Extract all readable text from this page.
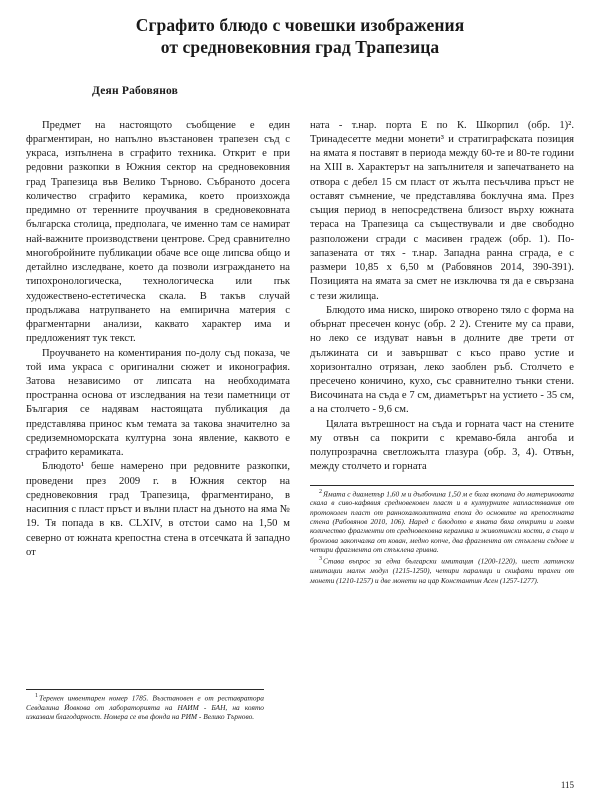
Сграфито блюдо с човешки изображения
от средновековния град Трапезица
Деян Рабовянов

Предмет на настоящото съобщение е един фрагментиран, но напълно възстановен трапезен съд с украса, изпълнена в сграфито техника. Открит е при редовни разкопки в Южния сектор на средновековния град Трапезица във Велико Търново. Събраното досега количество сграфито керамика, което произхожда предимно от теренните проучвания в средновековната българска столица, предполага, че именно там се намират най-важните производствени центрове. Сред сравнително многобройните публикации обаче все още липсва общо и детайлно изследване, което да позволи изграждането на типохронологическа, технологическа или пък художествено-естетическа скала. В такъв случай продължава натрупването на емпирична материя с фрагментарни анализи, каквато характер има и предложеният тук текст.

Проучването на коментирания по-долу съд показа, че той има украса с оригинални сюжет и иконография. Затова независимо от липсата на необходимата пространна основа от изследвания на тези паметници от България се надявам настоящата публикация да представлява принос към темата за такова значително за средиземноморската културна зона явление, каквото е сграфито керамиката.

Блюдото¹ беше намерено при редовните разкопки, проведени през 2009 г. в Южния сектор на средновековния град Трапезица, фрагментирано, в насипния с пласт пръст и вълни пласт на дъното на яма № 19. Тя попада в кв. CLXIV, в отстои само на 1,50 м северно от южната крепостна стена в отсечката й западно от

$^1$Теренен инвентарен номер 1785. Възстановен е от реставратора Севдалина Йовкова от лабораторията на НАИМ - БАН, на която изказвам благодарност. Номера се във фонда на РИМ - Велико Търново.

ната - т.нар. порта Е по К. Шкорпил (обр. 1)². Тринадесетте медни монети³ и стратиграфската позиция на ямата я поставят в периода между 60-те и 80-те години на XIII в. Характерът на запълнителя и запечатването на отвора с дебел 15 см пласт от жълта песъчлива пръст не оставят съмнение, че представлява боклучна яма. През същия период в непосредствена близост върху южната тераса на Трапезица са съществували и две свободно разположени сгради с масивен градеж (обр. 1). По-запазената от тях - т.нар. Западна ранна сграда, е с размери 10,85 х 6,50 м (Рабовянов 2014, 390-391). Позицията на ямата за смет не изключва тя да е свързана с тези жилища.

Блюдото има ниско, широко отворено тяло с форма на обърнат пресечен конус (обр. 2 2). Стените му са прави, но леко се издуват навън в долните две трети от дължината си и завършват с късо право устие и хоризонтално отрязан, леко заоблен ръб. Столчето е пресечено коничино, кухо, със сравнително тънки стени. Височината на съда е 7 см, диаметърът на устието - 35 см, а на столчето - 9,6 см.

Цялата вътрешност на съда и горната част на стените му отвън са покрити с кремаво-бяла ангоба и полупрозрачна светложълта глазура (обр. 3, 4). Отвън, между столчето и горната

$^2$Ямата с диаметър 1,60 м и дълбочина 1,50 м е била вкопана до материковата скала в сиво-кафявия средновековен пласт и в културните напластявания от протоколен пласт от раннохалколитната епоха до основите на крепостната стена (Рабовянов 2010, 106). Наред с блюдото в ямата бяха открити и голям количество фрагменти от средновековна керамика и животински кости, а също и бронзова закопчалка от кован, медно копче, два фрагмента от стъклени съдове и четири фрагмента от стъклена гривна.

$^3$Става въпрос за една български имитация (1200-1220), шест латински имитации малък модул (1215-1250), четири паралици и скифати трахеи от монети (1210-1257) и две монети на цар Константин Асен (1257-1277).

115
